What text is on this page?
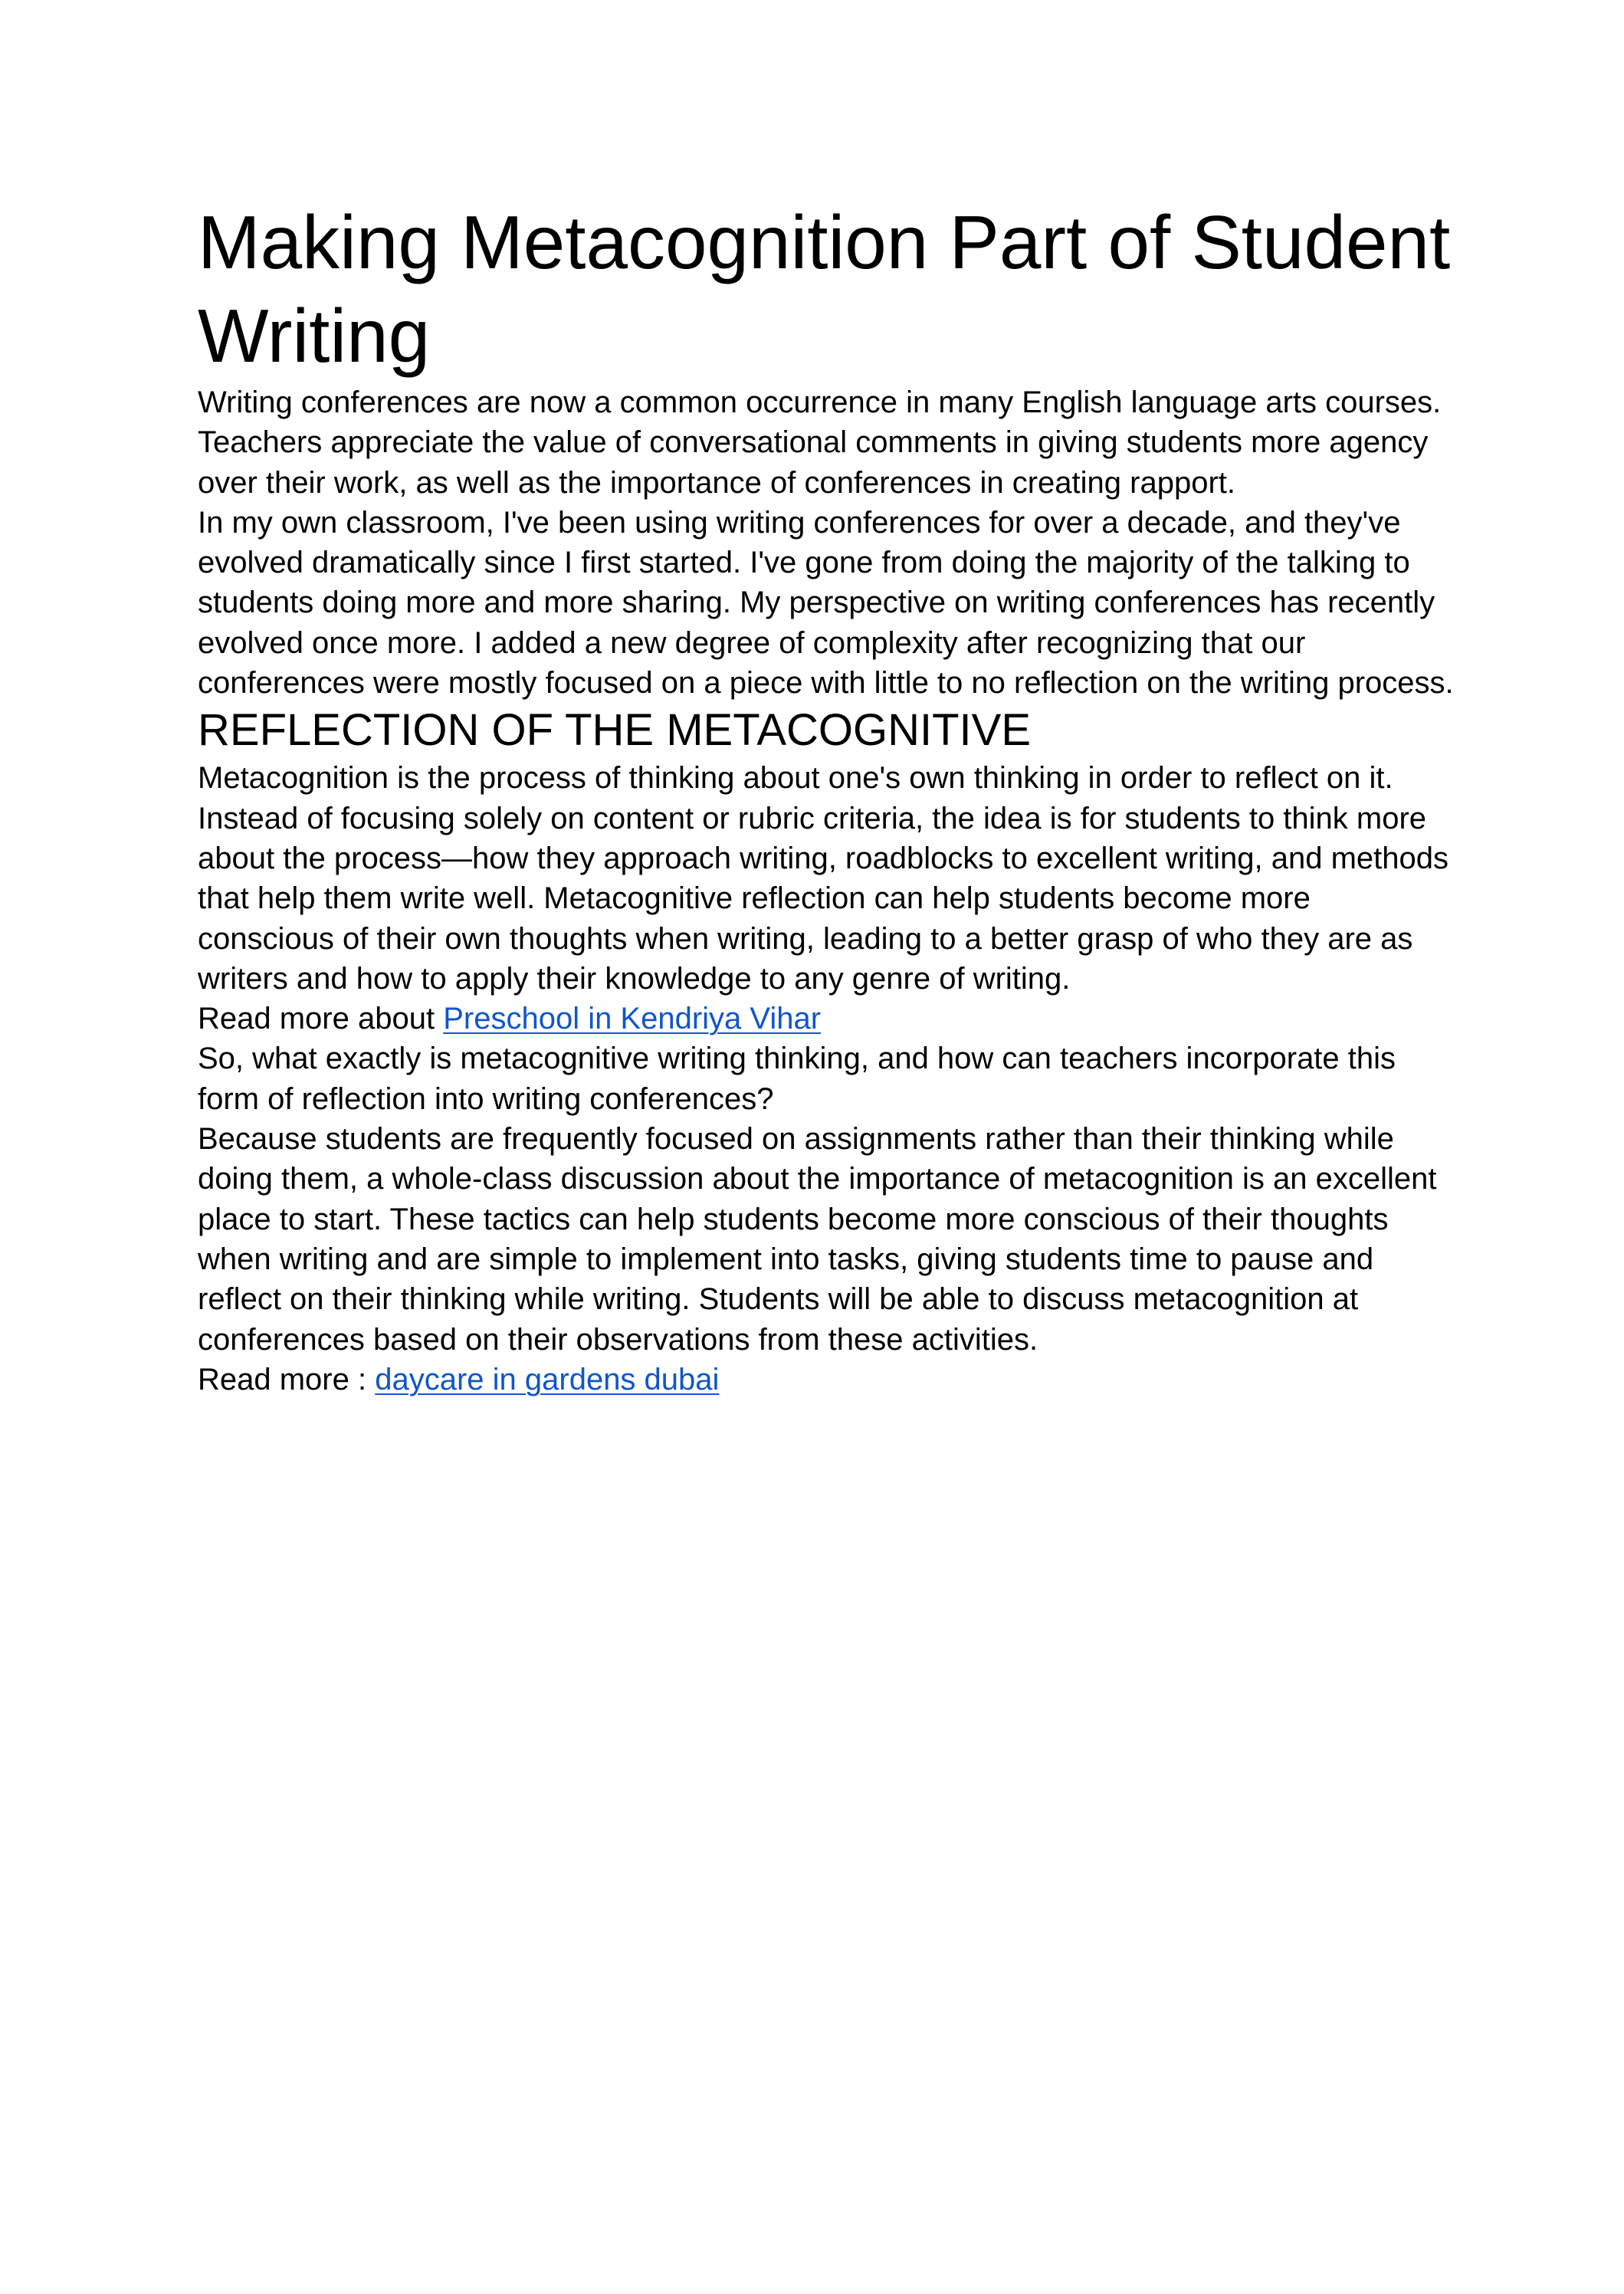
Making Metacognition Part of Student Writing

Writing conferences are now a common occurrence in many English language arts courses. Teachers appreciate the value of conversational comments in giving students more agency over their work, as well as the importance of conferences in creating rapport.

In my own classroom, I've been using writing conferences for over a decade, and they've evolved dramatically since I first started. I've gone from doing the majority of the talking to students doing more and more sharing. My perspective on writing conferences has recently evolved once more. I added a new degree of complexity after recognizing that our conferences were mostly focused on a piece with little to no reflection on the writing process.

REFLECTION OF THE METACOGNITIVE

Metacognition is the process of thinking about one's own thinking in order to reflect on it. Instead of focusing solely on content or rubric criteria, the idea is for students to think more about the process—how they approach writing, roadblocks to excellent writing, and methods that help them write well. Metacognitive reflection can help students become more conscious of their own thoughts when writing, leading to a better grasp of who they are as writers and how to apply their knowledge to any genre of writing.

Read more about Preschool in Kendriya Vihar

So, what exactly is metacognitive writing thinking, and how can teachers incorporate this form of reflection into writing conferences?

Because students are frequently focused on assignments rather than their thinking while doing them, a whole-class discussion about the importance of metacognition is an excellent place to start. These tactics can help students become more conscious of their thoughts when writing and are simple to implement into tasks, giving students time to pause and reflect on their thinking while writing. Students will be able to discuss metacognition at conferences based on their observations from these activities.

Read more : daycare in gardens dubai
